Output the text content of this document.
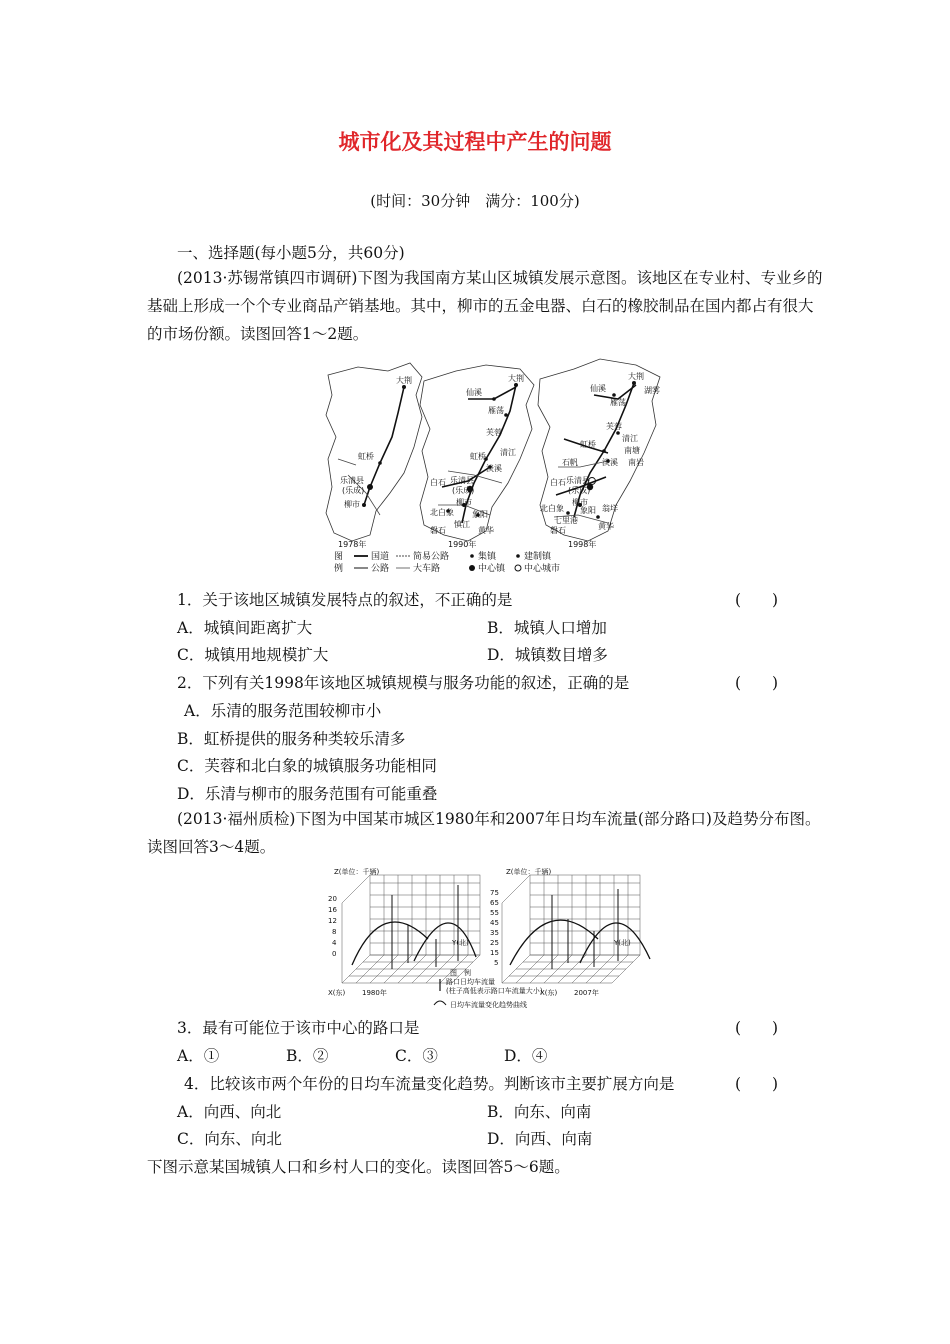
城市化及其过程中产生的问题
(时间：30分钟　满分：100分)
一、选择题(每小题5分，共60分)
(2013·苏锡常镇四市调研)下图为我国南方某山区城镇发展示意图。该地区在专业村、专业乡的基础上形成一个个专业商品产销基地。其中，柳市的五金电器、白石的橡胶制品在国内都占有很大的市场份额。读图回答1～2题。
大荆
虹桥
乐清县
(乐成)
柳市
1978年
仙溪
大荆
雁荡
芙蓉
清江
虹桥
淡溪
白石 乐清县
(乐成)
柳市
北白象 象阳
磐石
慎江
黄华
1990年
仙溪
大荆
湖雾
雁荡
芙蓉
清江
虹桥
南塘
淡溪 南岩
石帆
白石 乐清县
(乐成)
柳市
北白象 象阳 翁垟
七里港
磐石	黄华
1998年
图
例
国道	简易公路	集镇	建制镇
公路	大车路	中心镇 中心城市
1．关于该地区城镇发展特点的叙述，不正确的是	(　　)
A．城镇间距离扩大	B．城镇人口增加
C．城镇用地规模扩大	D．城镇数目增多
2．下列有关1998年该地区城镇规模与服务功能的叙述，正确的是	(　　)
A．乐清的服务范围较柳市小
B．虹桥提供的服务种类较乐清多
C．芙蓉和北白象的城镇服务功能相同
D．乐清与柳市的服务范围有可能重叠
(2013·福州质检)下图为中国某市城区1980年和2007年日均车流量(部分路口)及趋势分布图。读图回答3～4题。
Z(单位：千辆)
20
16
12
8
4
0
Y(北)
X(东) 1980年
Z(单位：千辆)
75
65
55
45
35
25
15
5
Y(北)
X(东) 2007年
图　例
路口日均车流量
(柱子高低表示路口车流量大小)
日均车流量变化趋势曲线
3．最有可能位于该市中心的路口是	(　　)
A．①	B．②	C．③	D．④
4．比较该市两个年份的日均车流量变化趋势。判断该市主要扩展方向是	(　　)
A．向西、向北	B．向东、向南
C．向东、向北	D．向西、向南
下图示意某国城镇人口和乡村人口的变化。读图回答5～6题。
